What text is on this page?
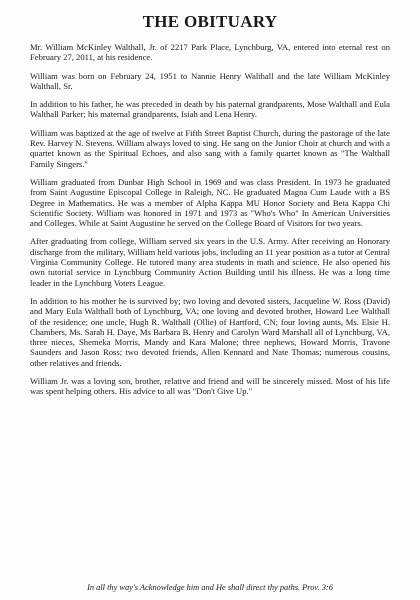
THE OBITUARY

Mr. William McKinley Walthall, Jr. of 2217 Park Place, Lynchburg, VA, entered into eternal rest on February 27, 2011, at his residence.

William was born on February 24, 1951 to Nannie Henry Walthall and the late William McKinley Walthall, Sr.

In addition to his father, he was preceded in death by his paternal grandparents, Mose Walthall and Eula Walthall Parker; his maternal grandparents, Isiah and Lena Henry.

William was baptized at the age of twelve at Fifth Street Baptist Church, during the pastorage of the late Rev. Harvey N. Stevens. William always loved to sing. He sang on the Junior Choir at church and with a quartet known as the Spiritual Echoes, and also sang with a family quartet known as "The Walthall Family Singers."

William graduated from Dunbar High School in 1969 and was class President. In 1973 he graduated from Saint Augustine Episcopal College in Raleigh, NC. He graduated Magna Cum Laude with a BS Degree in Mathematics. He was a member of Alpha Kappa MU Honor Society and Beta Kappa Chi Scientific Society. William was honored in 1971 and 1973 as "Who's Who" In American Universities and Colleges. While at Saint Augustine he served on the College Board of Visitors for two years.

After graduating from college, William served six years in the U.S. Army. After receiving an Honorary discharge from the military, William held various jobs, including an 11 year position as a tutor at Central Virginia Community College. He tutored many area students in math and science. He also opened his own tutorial service in Lynchburg Community Action Building until his illness. He was a long time leader in the Lynchburg Voters League.

In addition to his mother he is survived by; two loving and devoted sisters, Jacqueline W. Ross (David) and Mary Eula Walthall both of Lynchburg, VA; one loving and devoted brother, Howard Lee Walthall of the residence; one uncle, Hugh R. Walthall (Ollie) of Hartford, CN; four loving aunts, Ms. Elsie H. Chambers, Ms. Sarah H. Daye, Ms Barbara B. Henry and Carolyn Ward Marshall all of Lynchburg, VA, three nieces, Shemeka Morris, Mandy and Kara Malone; three nephews, Howard Morris, Travone Saunders and Jason Ross; two devoted friends, Allen Kennard and Nate Thomas; numerous cousins, other relatives and friends.

William Jr. was a loving son, brother, relative and friend and will be sincerely missed. Most of his life was spent helping others. His advice to all was "Don't Give Up."

In all thy way's Acknowledge him and He shall direct thy paths. Prov. 3:6
